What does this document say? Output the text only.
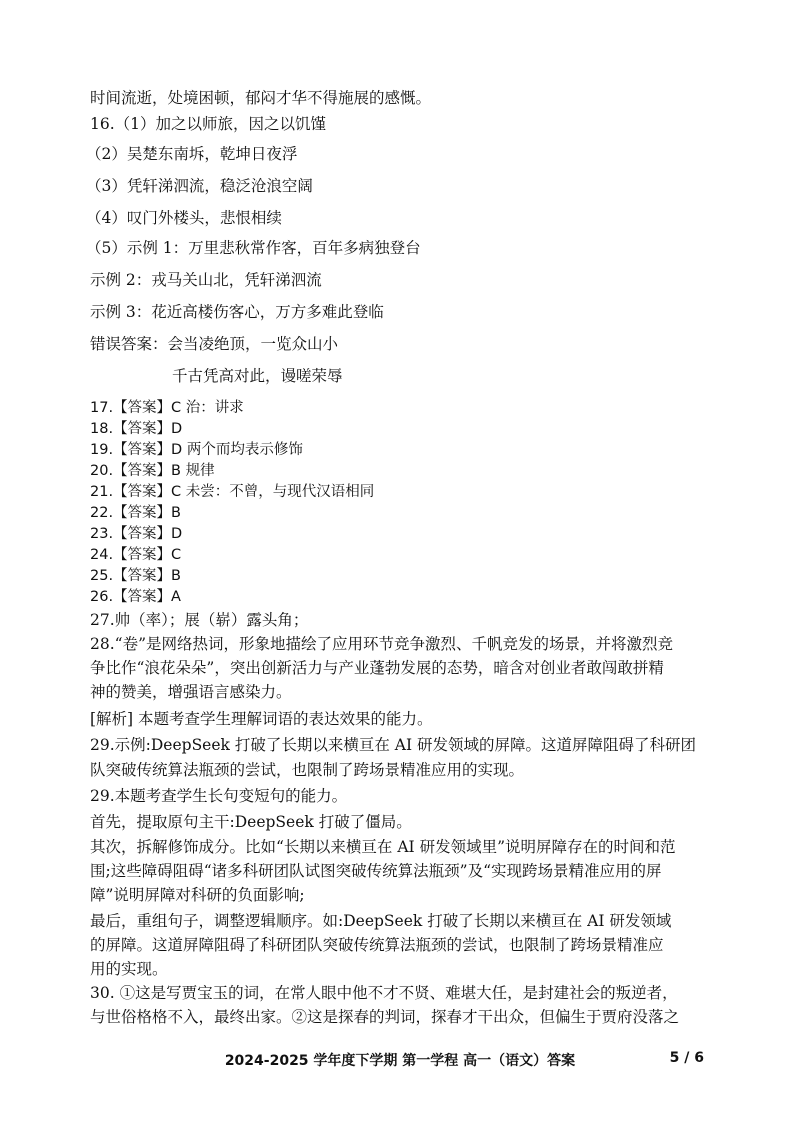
时间流逝，处境困顿，郁闷才华不得施展的感慨。
16.（1）加之以师旅，因之以饥馑
（2）吴楚东南坼，乾坤日夜浮
（3）凭轩涕泗流，稳泛沧浪空阔
（4）叹门外楼头，悲恨相续
（5）示例 1：万里悲秋常作客，百年多病独登台
示例 2：戎马关山北，凭轩涕泗流
示例 3：花近高楼伤客心，万方多难此登临
错误答案：会当凌绝顶，一览众山小
千古凭高对此，谩嗟荣辱
17.【答案】C 治：讲求
18.【答案】D
19.【答案】D 两个而均表示修饰
20.【答案】B 规律
21.【答案】C 未尝：不曾，与现代汉语相同
22.【答案】B
23.【答案】D
24.【答案】C
25.【答案】B
26.【答案】A
27.帅（率）；展（崭）露头角；
28.“卷”是网络热词，形象地描绘了应用环节竞争激烈、千帆竞发的场景，并将激烈竞
争比作“浪花朵朵”，突出创新活力与产业蓬勃发展的态势，暗含对创业者敢闯敢拼精
神的赞美，增强语言感染力。
[解析] 本题考查学生理解词语的表达效果的能力。
29.示例:DeepSeek 打破了长期以来横亘在 AI 研发领域的屏障。这道屏障阻碍了科研团
队突破传统算法瓶颈的尝试，也限制了跨场景精准应用的实现。
29.本题考查学生长句变短句的能力。
首先，提取原句主干:DeepSeek 打破了僵局。
其次，拆解修饰成分。比如“长期以来横亘在 AI 研发领域里”说明屏障存在的时间和范
围;这些障碍阻碍“诸多科研团队试图突破传统算法瓶颈”及“实现跨场景精准应用的屏
障”说明屏障对科研的负面影响;
最后，重组句子，调整逻辑顺序。如:DeepSeek 打破了长期以来横亘在 AI 研发领域
的屏障。这道屏障阻碍了科研团队突破传统算法瓶颈的尝试，也限制了跨场景精准应
用的实现。
30. ①这是写贾宝玉的词，在常人眼中他不才不贤、难堪大任，是封建社会的叛逆者，
与世俗格格不入，最终出家。②这是探春的判词，探春才干出众，但偏生于贾府没落之
2024-2025 学年度下学期 第一学程 高一（语文）答案	5 / 6
